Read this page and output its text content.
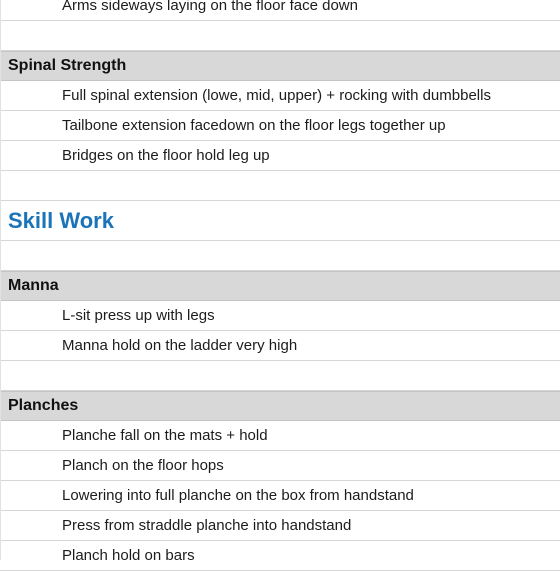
Arms sideways laying on the floor face down
Spinal Strength
Full spinal extension (lowe, mid, upper) + rocking with dumbbells
Tailbone extension facedown on the floor legs together up
Bridges on the floor hold leg up
Skill Work
Manna
L-sit press up with legs
Manna hold on the ladder very high
Planches
Planche fall on the mats + hold
Planch on the floor hops
Lowering into full planche on the box from handstand
Press from straddle planche into handstand
Planch hold on bars
